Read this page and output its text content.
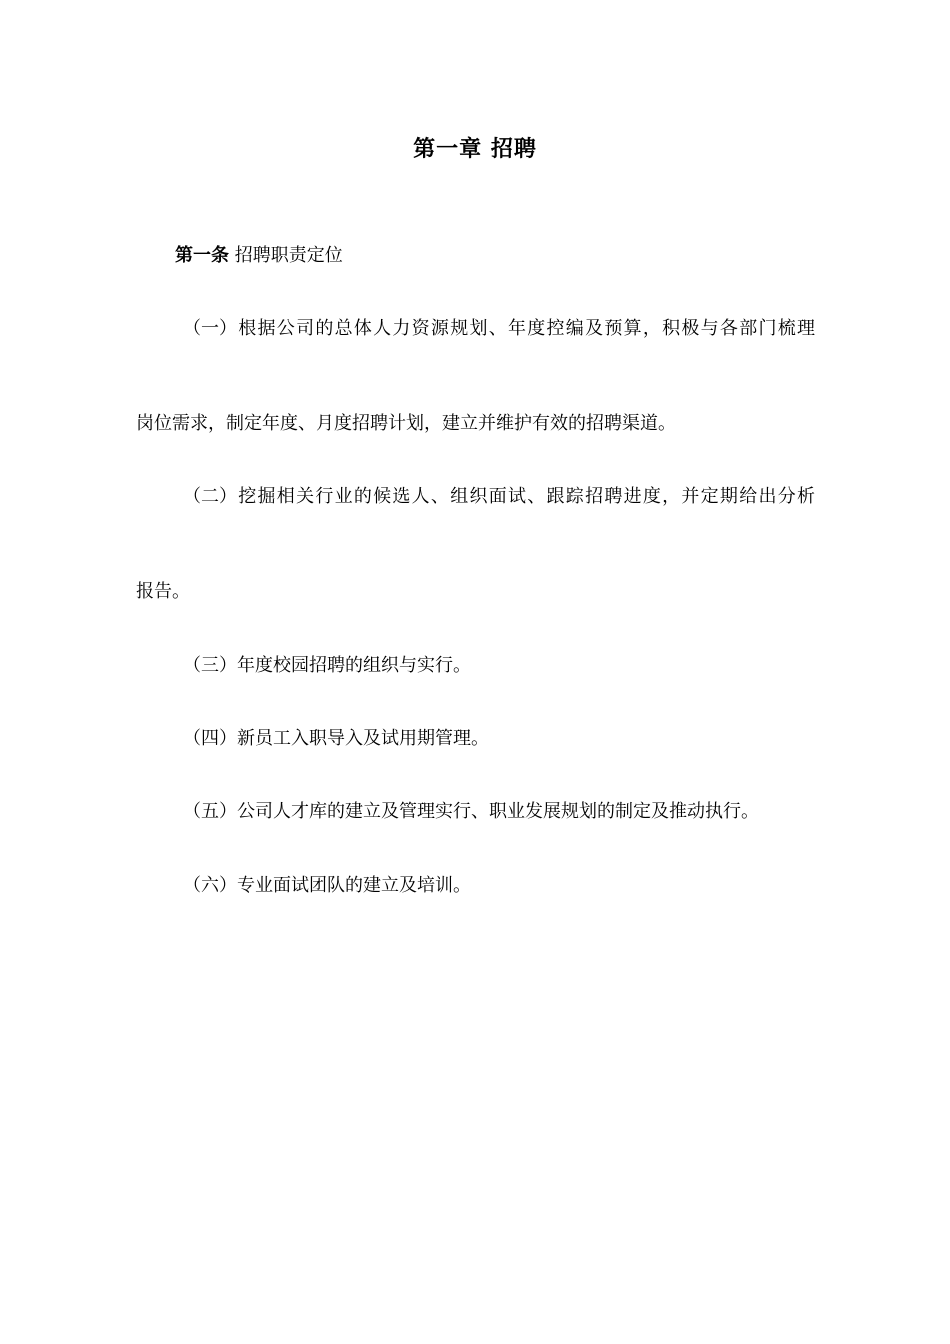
第一章 招聘
第一条 招聘职责定位
（一）根据公司的总体人力资源规划、年度控编及预算，积极与各部门梳理
岗位需求，制定年度、月度招聘计划，建立并维护有效的招聘渠道。
（二）挖掘相关行业的候选人、组织面试、跟踪招聘进度，并定期给出分析
报告。
（三）年度校园招聘的组织与实行。
（四）新员工入职导入及试用期管理。
（五）公司人才库的建立及管理实行、职业发展规划的制定及推动执行。
（六）专业面试团队的建立及培训。
